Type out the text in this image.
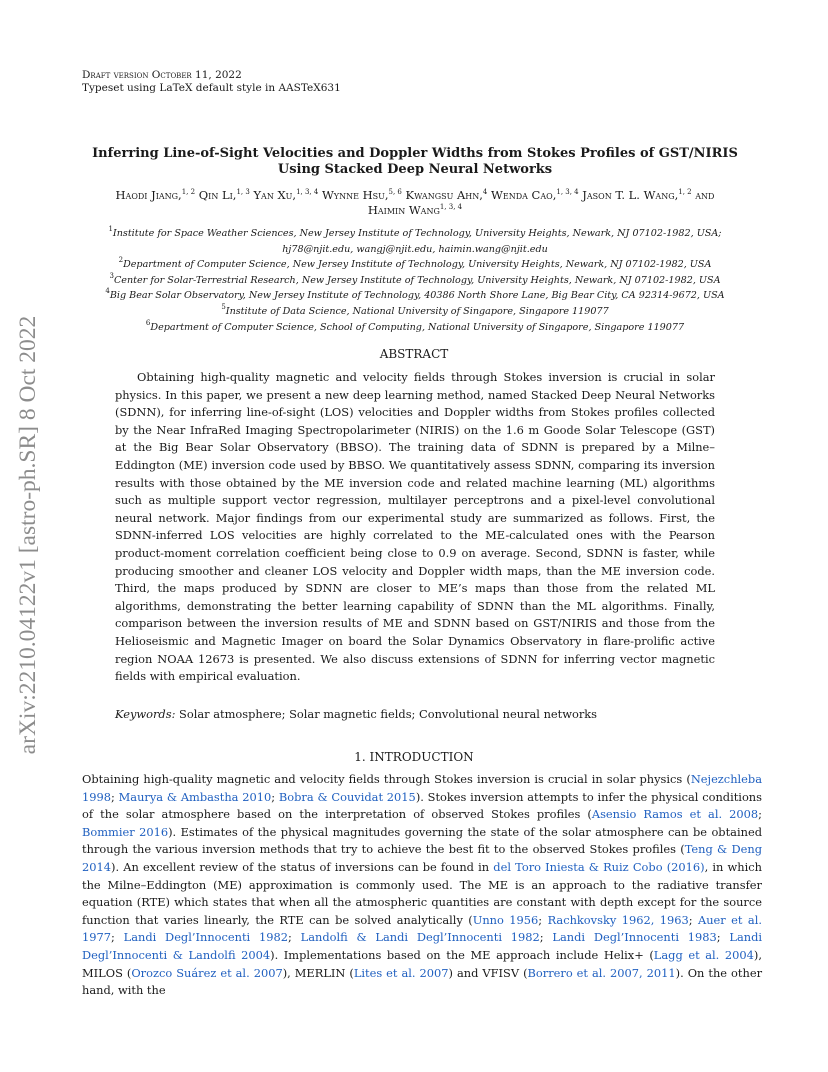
Draft version October 11, 2022
Typeset using LaTeX default style in AASTeX631
arXiv:2210.04122v1 [astro-ph.SR] 8 Oct 2022
Inferring Line-of-Sight Velocities and Doppler Widths from Stokes Profiles of GST/NIRIS Using Stacked Deep Neural Networks
Haodi Jiang,$^{1, 2}$ Qin Li,$^{1, 3}$ Yan Xu,$^{1, 3, 4}$ Wynne Hsu,$^{5, 6}$ Kwangsu Ahn,$^4$ Wenda Cao,$^{1, 3, 4}$ Jason T. L. Wang,$^{1, 2}$ and
Haimin Wang$^{1, 3, 4}$
$^1$Institute for Space Weather Sciences, New Jersey Institute of Technology, University Heights, Newark, NJ 07102-1982, USA;
hj78@njit.edu, wangj@njit.edu, haimin.wang@njit.edu
$^2$Department of Computer Science, New Jersey Institute of Technology, University Heights, Newark, NJ 07102-1982, USA
$^3$Center for Solar-Terrestrial Research, New Jersey Institute of Technology, University Heights, Newark, NJ 07102-1982, USA
$^4$Big Bear Solar Observatory, New Jersey Institute of Technology, 40386 North Shore Lane, Big Bear City, CA 92314-9672, USA
$^5$Institute of Data Science, National University of Singapore, Singapore 119077
$^6$Department of Computer Science, School of Computing, National University of Singapore, Singapore 119077
ABSTRACT
Obtaining high-quality magnetic and velocity fields through Stokes inversion is crucial in solar physics. In this paper, we present a new deep learning method, named Stacked Deep Neural Networks (SDNN), for inferring line-of-sight (LOS) velocities and Doppler widths from Stokes profiles collected by the Near InfraRed Imaging Spectropolarimeter (NIRIS) on the 1.6 m Goode Solar Telescope (GST) at the Big Bear Solar Observatory (BBSO). The training data of SDNN is prepared by a Milne–Eddington (ME) inversion code used by BBSO. We quantitatively assess SDNN, comparing its inversion results with those obtained by the ME inversion code and related machine learning (ML) algorithms such as multiple support vector regression, multilayer perceptrons and a pixel-level convolutional neural network. Major findings from our experimental study are summarized as follows. First, the SDNN-inferred LOS velocities are highly correlated to the ME-calculated ones with the Pearson product-moment correlation coefficient being close to 0.9 on average. Second, SDNN is faster, while producing smoother and cleaner LOS velocity and Doppler width maps, than the ME inversion code. Third, the maps produced by SDNN are closer to ME’s maps than those from the related ML algorithms, demonstrating the better learning capability of SDNN than the ML algorithms. Finally, comparison between the inversion results of ME and SDNN based on GST/NIRIS and those from the Helioseismic and Magnetic Imager on board the Solar Dynamics Observatory in flare-prolific active region NOAA 12673 is presented. We also discuss extensions of SDNN for inferring vector magnetic fields with empirical evaluation.
Keywords: Solar atmosphere; Solar magnetic fields; Convolutional neural networks
1. INTRODUCTION
Obtaining high-quality magnetic and velocity fields through Stokes inversion is crucial in solar physics (Nejezchleba 1998; Maurya & Ambastha 2010; Bobra & Couvidat 2015). Stokes inversion attempts to infer the physical conditions of the solar atmosphere based on the interpretation of observed Stokes profiles (Asensio Ramos et al. 2008; Bommier 2016). Estimates of the physical magnitudes governing the state of the solar atmosphere can be obtained through the various inversion methods that try to achieve the best fit to the observed Stokes profiles (Teng & Deng 2014). An excellent review of the status of inversions can be found in del Toro Iniesta & Ruiz Cobo (2016), in which the Milne–Eddington (ME) approximation is commonly used. The ME is an approach to the radiative transfer equation (RTE) which states that when all the atmospheric quantities are constant with depth except for the source function that varies linearly, the RTE can be solved analytically (Unno 1956; Rachkovsky 1962, 1963; Auer et al. 1977; Landi Degl’Innocenti 1982; Landolfi & Landi Degl’Innocenti 1982; Landi Degl’Innocenti 1983; Landi Degl’Innocenti & Landolfi 2004). Implementations based on the ME approach include Helix+ (Lagg et al. 2004), MILOS (Orozco Suárez et al. 2007), MERLIN (Lites et al. 2007) and VFISV (Borrero et al. 2007, 2011). On the other hand, with the
